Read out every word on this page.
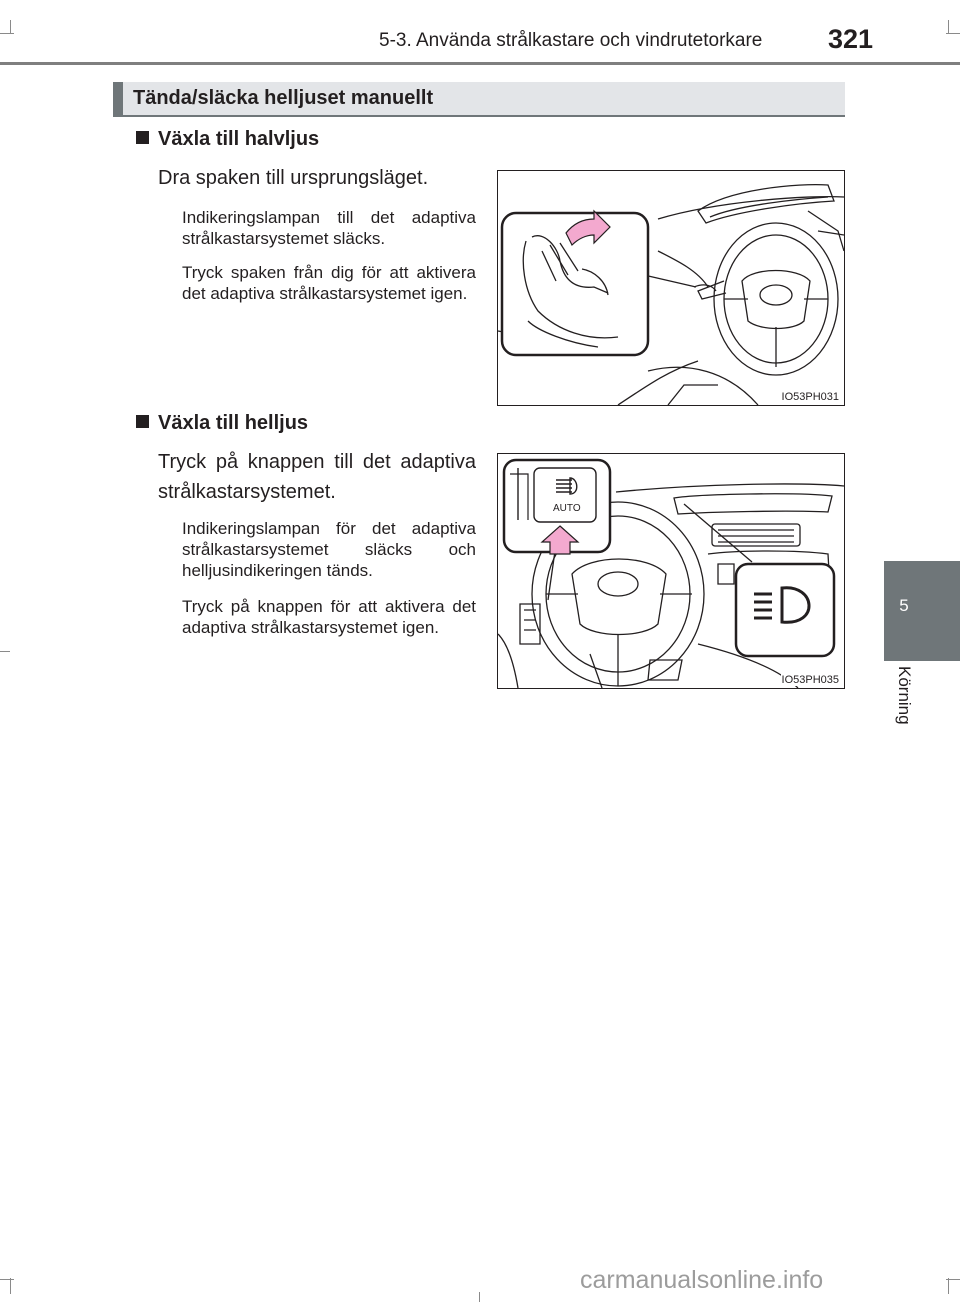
5-3. Använda strålkastare och vindrutetorkare 321
Tända/släcka helljuset manuellt
Växla till halvljus
Dra spaken till ursprungsläget.
Indikeringslampan till det adaptiva strålkastarsystemet släcks.
Tryck spaken från dig för att aktivera det adaptiva strålkastarsystemet igen.
IO53PH031
Växla till helljus
Tryck på knappen till det adaptiva strålkastarsystemet.
Indikeringslampan för det adaptiva strålkastarsystemet släcks och helljusindikeringen tänds.
Tryck på knappen för att aktivera det adaptiva strålkastarsystemet igen.
AUTO
IO53PH035
5
Körning
carmanualsonline.info
